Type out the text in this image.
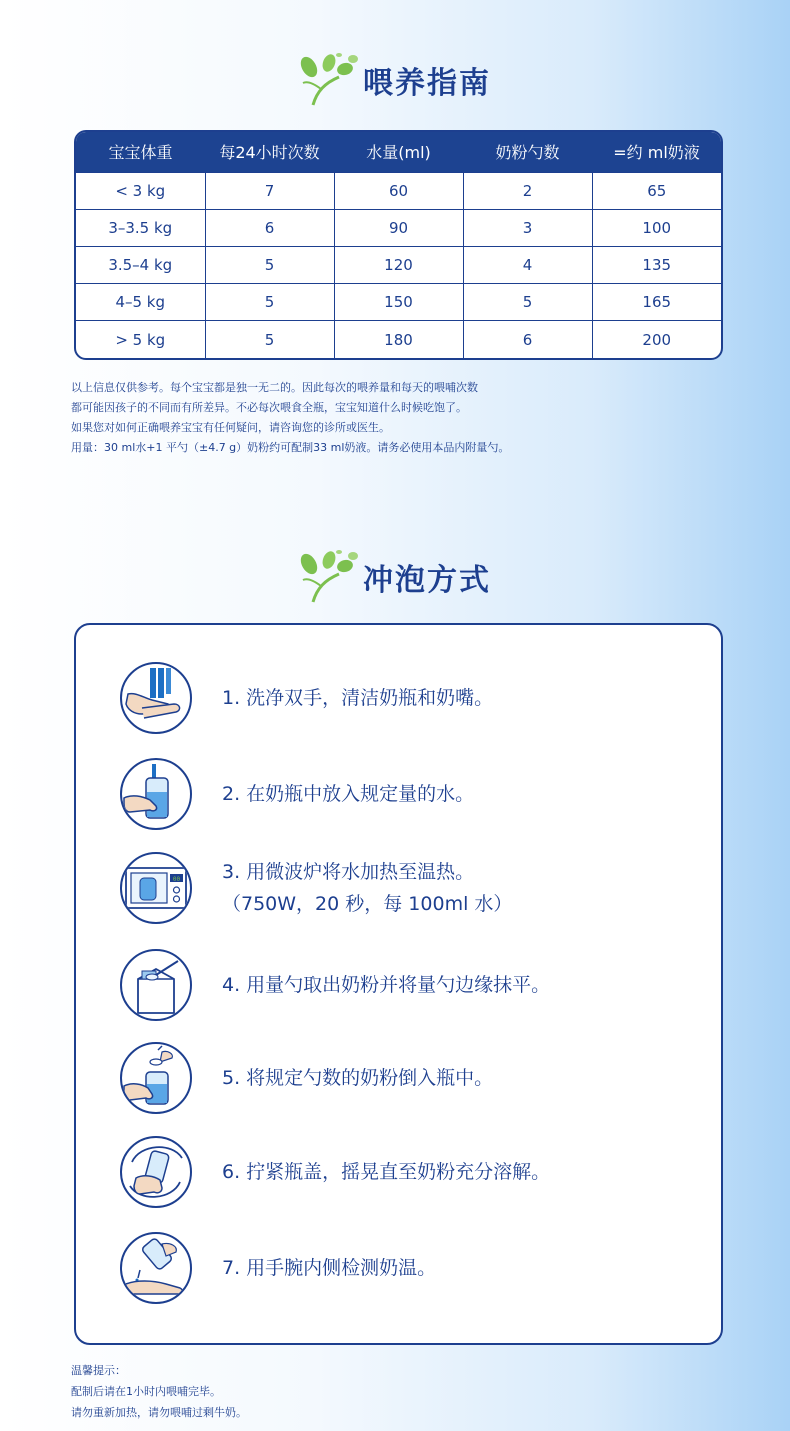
喂养指南
宝宝体重	每24小时次数	水量(ml)	奶粉勺数	=约 ml奶液
< 3 kg	7	60	2	65
3–3.5 kg	6	90	3	100
3.5–4 kg	5	120	4	135
4–5 kg	5	150	5	165
> 5 kg	5	180	6	200
以上信息仅供参考。每个宝宝都是独一无二的。因此每次的喂养量和每天的喂哺次数
都可能因孩子的不同而有所差异。不必每次喂食全瓶，宝宝知道什么时候吃饱了。
如果您对如何正确喂养宝宝有任何疑问，请咨询您的诊所或医生。
用量：30 ml水+1 平勺（±4.7 g）奶粉约可配制33 ml奶液。请务必使用本品内附量勺。
冲泡方式
1. 洗净双手，清洁奶瓶和奶嘴。
2. 在奶瓶中放入规定量的水。
00 3. 用微波炉将水加热至温热。
（750W，20 秒，每 100ml 水）
4. 用量勺取出奶粉并将量勺边缘抹平。
5. 将规定勺数的奶粉倒入瓶中。
6. 拧紧瓶盖，摇晃直至奶粉充分溶解。
7. 用手腕内侧检测奶温。
温馨提示：
配制后请在1小时内喂哺完毕。
请勿重新加热，请勿喂哺过剩牛奶。
